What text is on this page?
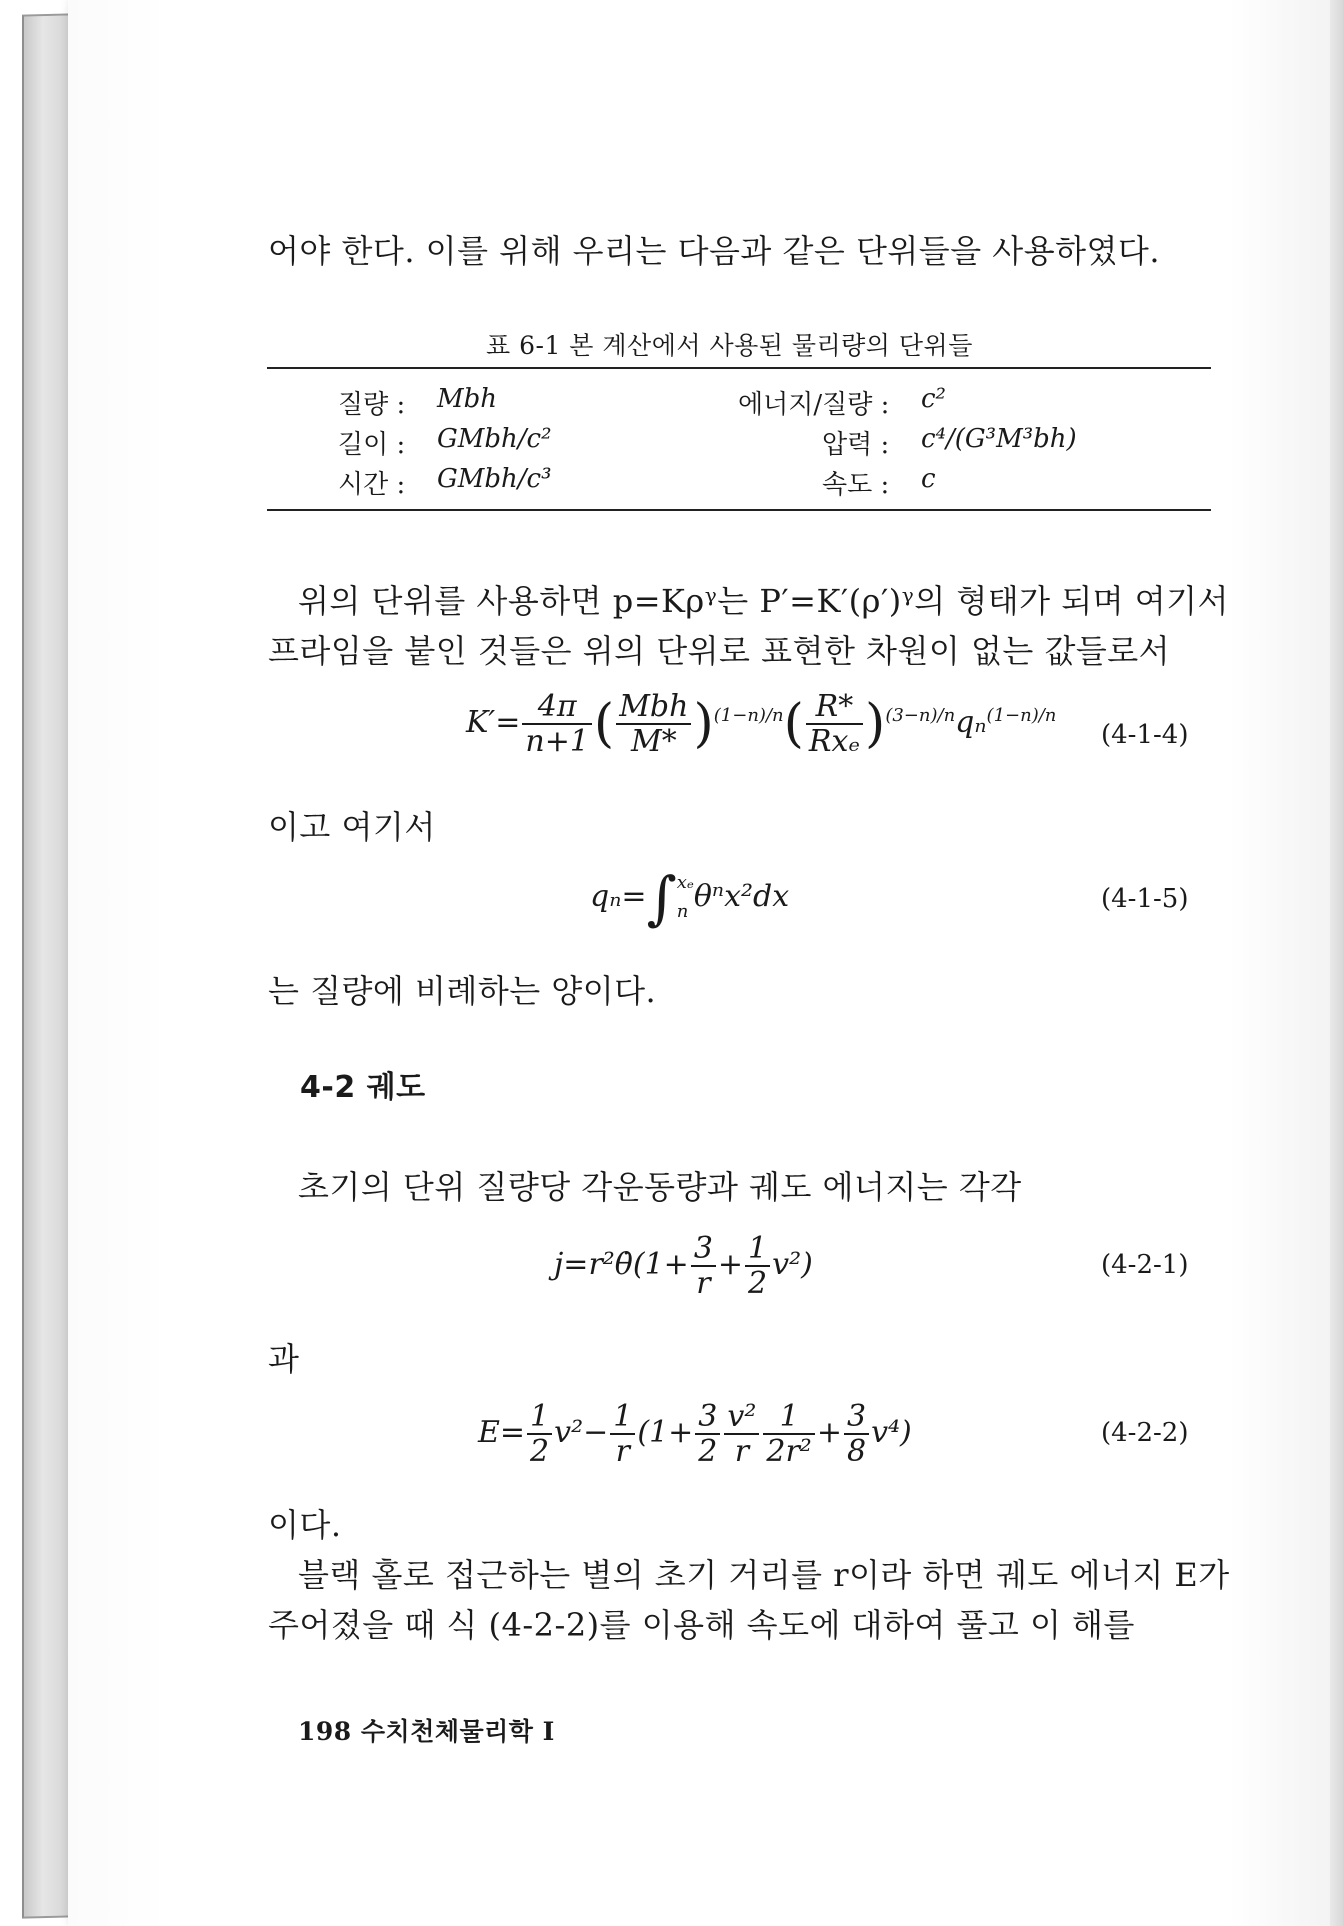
어야 한다. 이를 위해 우리는 다음과 같은 단위들을 사용하였다.
표 6-1 본 계산에서 사용된 물리량의 단위들
질량 : Mbh	에너지/질량 : c²
길이 : GMbh/c²	압력 : c⁴/(G³M³bh)
시간 : GMbh/c³	속도 : c
위의 단위를 사용하면 p=Kρᵞ는 P′=K′(ρ′)ᵞ의 형태가 되며 여기서
프라임을 붙인 것들은 위의 단위로 표현한 차원이 없는 값들로서
$K'= \frac{4\pi}{n+1}$ ( $\frac{\text{Mbh}}{M*} )^{(1-n)/n}( \frac{R*}{\text{Rxₑ}} )^{(3-n)/n}q_n^{(1-n)/n}$
(4-1-4)
이고 여기서
qₙ=∫ xₑ
n θⁿx²dx	(4-1-5)
는 질량에 비례하는 양이다.
4-2 궤도
초기의 단위 질량당 각운동량과 궤도 에너지는 각각
j=r²θ̇(1+ $\frac{3}{r} + \frac{1}{2} v^2$)	(4-2-1)
과
$E= \frac{1}{2} v^2- \frac{1}{r} (1+ \frac{3}{2} \frac{\text{v²}}{r} \frac{1}{\text{2r²}} + \frac{3}{8} v^4)$	(4-2-2)
이다.
블랙 홀로 접근하는 별의 초기 거리를 r이라 하면 궤도 에너지 E가
주어졌을 때 식 (4-2-2)를 이용해 속도에 대하여 풀고 이 해를
198 수치천체물리학 I
